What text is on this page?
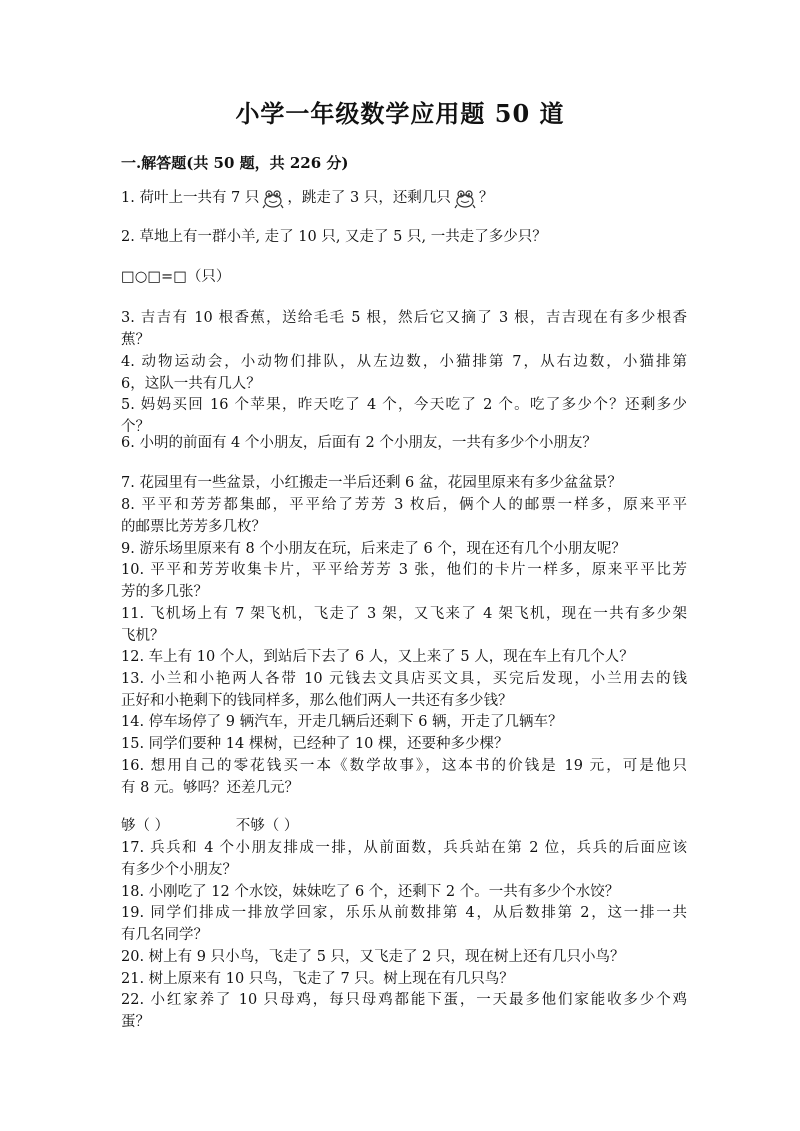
小学一年级数学应用题 50 道
一.解答题(共 50 题，共 226 分)
1. 荷叶上一共有 7 只 ，跳走了 3 只，还剩几只 ？
2. 草地上有一群小羊, 走了 10 只, 又走了 5 只, 一共走了多少只？
□○□=□（只）
3. 吉吉有 10 根香蕉，送给毛毛 5 根，然后它又摘了 3 根，吉吉现在有多少根香
蕉？
4. 动物运动会，小动物们排队，从左边数，小猫排第 7，从右边数，小猫排第
6，这队一共有几人？
5. 妈妈买回 16 个苹果，昨天吃了 4 个，今天吃了 2 个。吃了多少个？还剩多少
个？
6. 小明的前面有 4 个小朋友，后面有 2 个小朋友，一共有多少个小朋友？
7. 花园里有一些盆景，小红搬走一半后还剩 6 盆，花园里原来有多少盆盆景？
8. 平平和芳芳都集邮，平平给了芳芳 3 枚后，俩个人的邮票一样多，原来平平
的邮票比芳芳多几枚？
9. 游乐场里原来有 8 个小朋友在玩，后来走了 6 个，现在还有几个小朋友呢？
10. 平平和芳芳收集卡片，平平给芳芳 3 张，他们的卡片一样多，原来平平比芳
芳的多几张？
11. 飞机场上有 7 架飞机，飞走了 3 架，又飞来了 4 架飞机，现在一共有多少架
飞机？
12. 车上有 10 个人，到站后下去了 6 人，又上来了 5 人，现在车上有几个人？
13. 小兰和小艳两人各带 10 元钱去文具店买文具，买完后发现，小兰用去的钱
正好和小艳剩下的钱同样多，那么他们两人一共还有多少钱？
14. 停车场停了 9 辆汽车，开走几辆后还剩下 6 辆，开走了几辆车？
15. 同学们要种 14 棵树，已经种了 10 棵，还要种多少棵？
16. 想用自己的零花钱买一本《数学故事》，这本书的价钱是 19 元，可是他只
有 8 元。够吗？还差几元？
够（ ）	不够（ ）
17. 兵兵和 4 个小朋友排成一排，从前面数，兵兵站在第 2 位，兵兵的后面应该
有多少个小朋友？
18. 小刚吃了 12 个水饺，妹妹吃了 6 个，还剩下 2 个。一共有多少个水饺？
19. 同学们排成一排放学回家，乐乐从前数排第 4，从后数排第 2，这一排一共
有几名同学？
20. 树上有 9 只小鸟，飞走了 5 只，又飞走了 2 只，现在树上还有几只小鸟？
21. 树上原来有 10 只鸟，飞走了 7 只。树上现在有几只鸟？
22. 小红家养了 10 只母鸡，每只母鸡都能下蛋，一天最多他们家能收多少个鸡
蛋？
